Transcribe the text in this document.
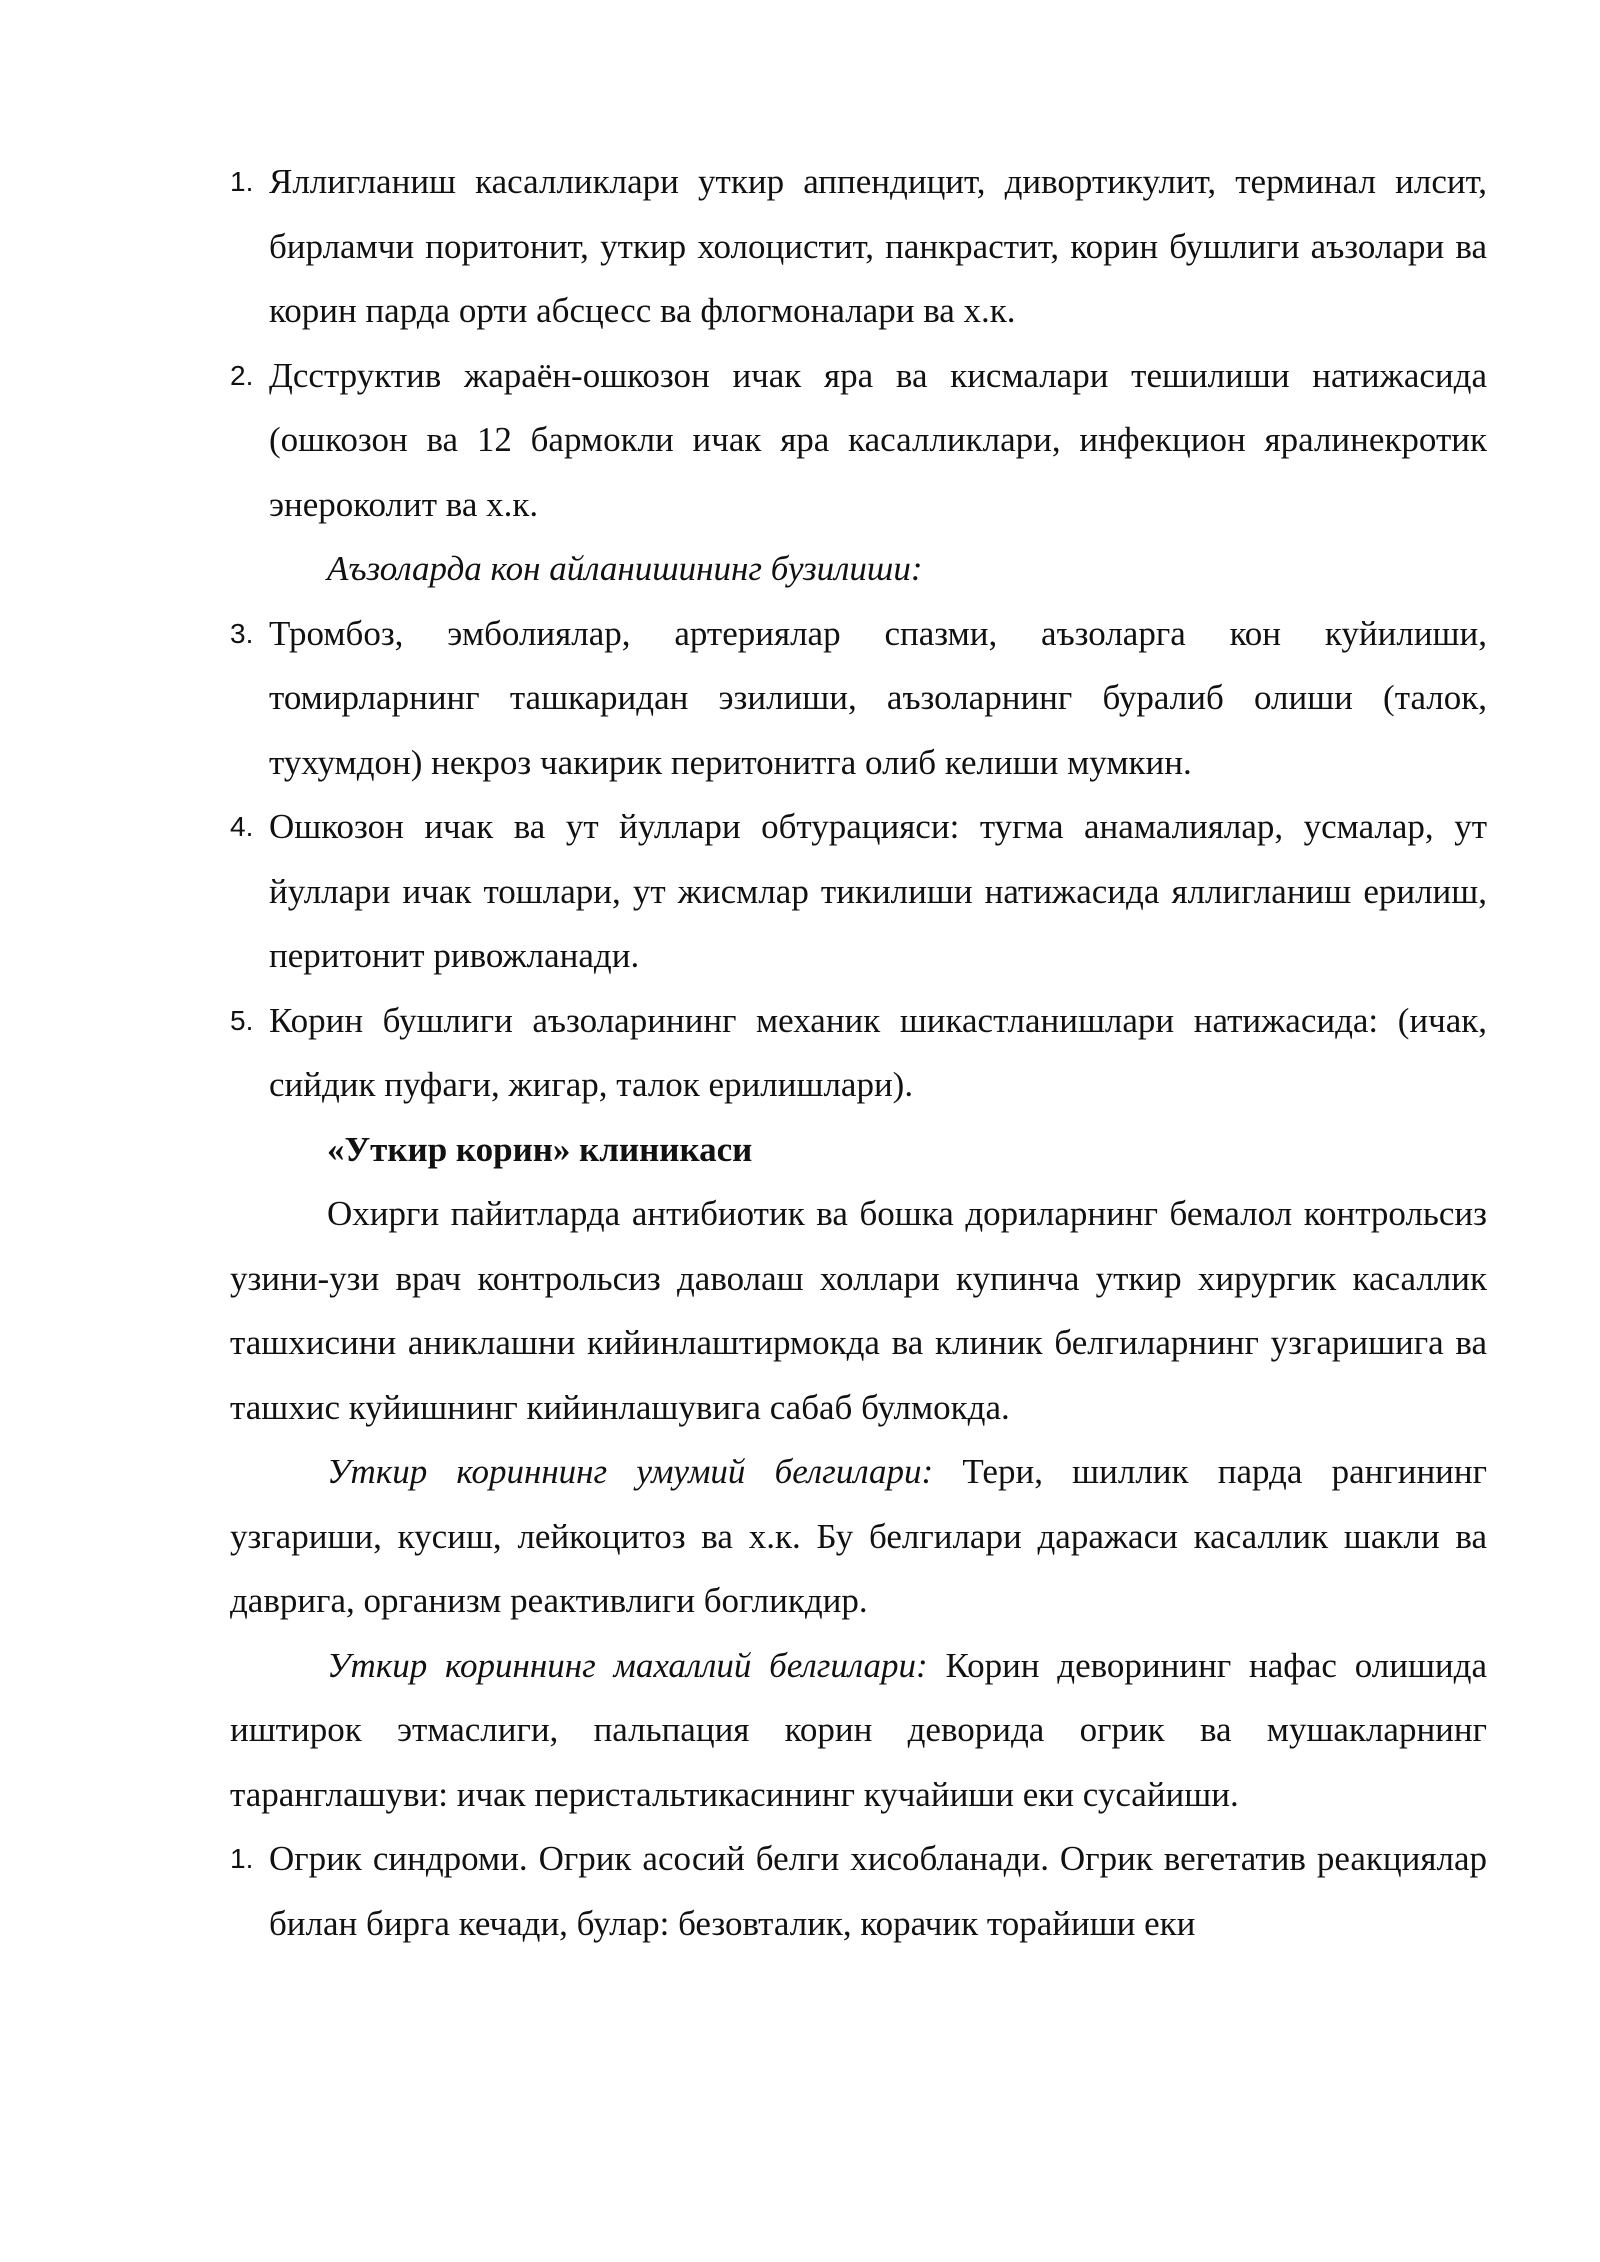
1. Яллигланиш касалликлари уткир аппендицит, дивортикулит, терминал илсит, бирламчи поритонит, уткир холоцистит, панкрастит, корин бушлиги аъзолари ва корин парда орти абсцесс ва флогмоналари ва х.к.

2. Дсструктив жараён-ошкозон ичак яра ва кисмалари тешилиши натижасида (ошкозон ва 12 бармокли ичак яра касалликлари, инфекцион яралинекротик энероколит ва х.к.

Аъзоларда кон айланишининг бузилиши:

3. Тромбоз, эмболиялар, артериялар спазми, аъзоларга кон куйилиши, томирларнинг ташкаридан эзилиши, аъзоларнинг буралиб олиши (талок, тухумдон) некроз чакирик перитонитга олиб келиши мумкин.

4. Ошкозон ичак ва ут йуллари обтурацияси: тугма анамалиялар, усмалар, ут йуллари ичак тошлари, ут жисмлар тикилиши натижасида яллигланиш ерилиш, перитонит ривожланади.

5. Корин бушлиги аъзоларининг механик шикастланишлари натижасида: (ичак, сийдик пуфаги, жигар, талок ерилишлари).

«Уткир корин» клиникаси

Охирги пайитларда антибиотик ва бошка дориларнинг бемалол контрольсиз узини-узи врач контрольсиз даволаш холлари купинча уткир хирургик касаллик ташхисини аниклашни кийинлаштирмокда ва клиник белгиларнинг узгаришига ва ташхис куйишнинг кийинлашувига сабаб булмокда.

Уткир кориннинг умумий белгилари: Тери, шиллик парда рангининг узгариши, кусиш, лейкоцитоз ва х.к. Бу белгилари даражаси касаллик шакли ва даврига, организм реактивлиги богликдир.

Уткир кориннинг махаллий белгилари: Корин деворининг нафас олишида иштирок этмаслиги, пальпация корин деворида огрик ва мушакларнинг таранглашуви: ичак перистальтикасининг кучайиши еки сусайиши.

1. Огрик синдроми. Огрик асосий белги хисобланади. Огрик вегетатив реакциялар билан бирга кечади, булар: безовталик, корачик торайиши еки
